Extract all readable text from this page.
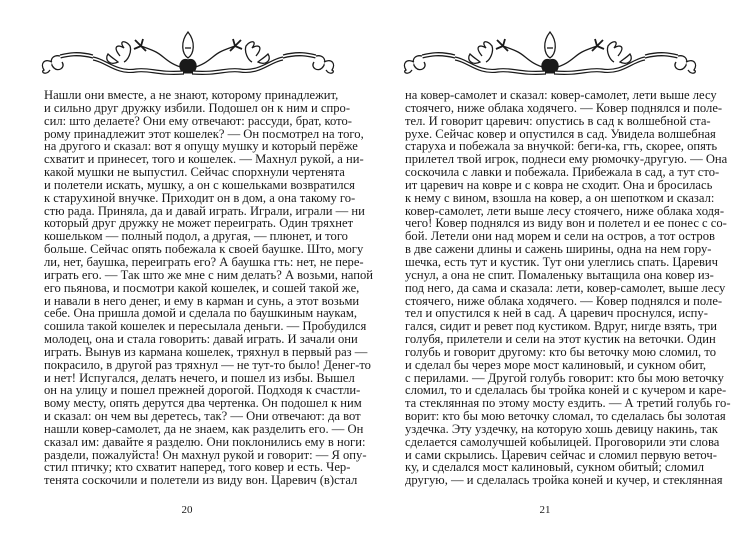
Нашли они вместе, а не знают, которому принадлежит,
и сильно друг дружку избили. Подошел он к ним и спро-
сил: што делаете? Они ему отвечают: рассуди, брат, кото-
рому принадлежит этот кошелек? — Он посмотрел на того,
на другого и сказал: вот я опущу мушку и который перёже
схватит и принесет, того и кошелек. — Махнул рукой, а ни-
какой мушки не выпустил. Сейчас спорхнули чертенята
и полетели искать, мушку, а он с кошельками возвратился
к старухиной внучке. Приходит он в дом, а она такому го-
стю рада. Приняла, да и давай играть. Играли, играли — ни
который друг дружку не может переиграть. Один тряхнет
кошельком — полный подол, а другая, — плюнет, и того
больше. Сейчас опять побежала к своей баушке. Што, могу
ли, нет, баушка, переиграть его? А баушка гть: нет, не пере-
играть его. — Так што же мне с ним делать? А возьми, напой
его пьянова, и посмотри какой кошелек, и сошей такой же,
и навали в него денег, и ему в карман и сунь, а этот возьми
себе. Она пришла домой и сделала по баушкиным наукам,
сошила такой кошелек и пересылала деньги. — Пробудился
молодец, она и стала говорить: давай играть. И зачали они
играть. Вынув из кармана кошелек, тряхнул в первый раз —
покрасило, в другой раз тряхнул — не тут-то было! Денег-то
и нет! Испугался, делать нечего, и пошел из избы. Вышел
он на улицу и пошел прежней дорогой. Подходя к счастли-
вому месту, опять дерутся два чертенка. Он подошел к ним
и сказал: он чем вы деретесь, так? — Они отвечают: да вот
нашли ковер-самолет, да не знаем, как разделить его. — Он
сказал им: давайте я разделю. Они поклонились ему в ноги:
раздели, пожалуйста! Он махнул рукой и говорит: — Я опу-
стил птичку; кто схватит наперед, того ковер и есть. Чер-
тенята соскочили и полетели из виду вон. Царевич (в)стал
20
на ковер-самолет и сказал: ковер-самолет, лети выше лесу
стоячего, ниже облака ходячего. — Ковер поднялся и поле-
тел. И говорит царевич: опустись в сад к волшебной ста-
рухе. Сейчас ковер и опустился в сад. Увидела волшебная
старуха и побежала за внучкой: беги-ка, гть, скорее, опять
прилетел твой игрок, поднеси ему рюмочку-другую. — Она
соскочила с лавки и побежала. Прибежала в сад, а тут сто-
ит царевич на ковре и с ковра не сходит. Она и бросилась
к нему с вином, взошла на ковер, а он шепотком и сказал:
ковер-самолет, лети выше лесу стоячего, ниже облака ходя-
чего! Ковер поднялся из виду вон и полетел и ее понес с со-
бой. Летели они над морем и сели на остров, а тот остров
в две сажени длины и сажень ширины, одна на нем гору-
шечка, есть тут и кустик. Тут они улеглись спать. Царевич
уснул, а она не спит. Помаленьку вытащила она ковер из-
под него, да сама и сказала: лети, ковер-самолет, выше лесу
стоячего, ниже облака ходячего. — Ковер поднялся и поле-
тел и опустился к ней в сад. А царевич проснулся, испу-
гался, сидит и ревет под кустиком. Вдруг, нигде взять, три
голубя, прилетели и сели на этот кустик на веточки. Один
голубь и говорит другому: кто бы веточку мою сломил, то
и сделал бы через море мост калиновый, и сукном обит,
с перилами. — Другой голубь говорит: кто бы мою веточку
сломил, то и сделалась бы тройка коней и с кучером и каре-
та стеклянная по этому мосту ездить. — А третий голубь го-
ворит: кто бы мою веточку сломал, то сделалась бы золотая
уздечка. Эту уздечку, на которую хошь девицу накинь, так
сделается самолучшей кобылицей. Проговорили эти слова
и сами скрылись. Царевич сейчас и сломил первую веточ-
ку, и сделался мост калиновый, сукном обитый; сломил
другую, — и сделалась тройка коней и кучер, и стеклянная
21
